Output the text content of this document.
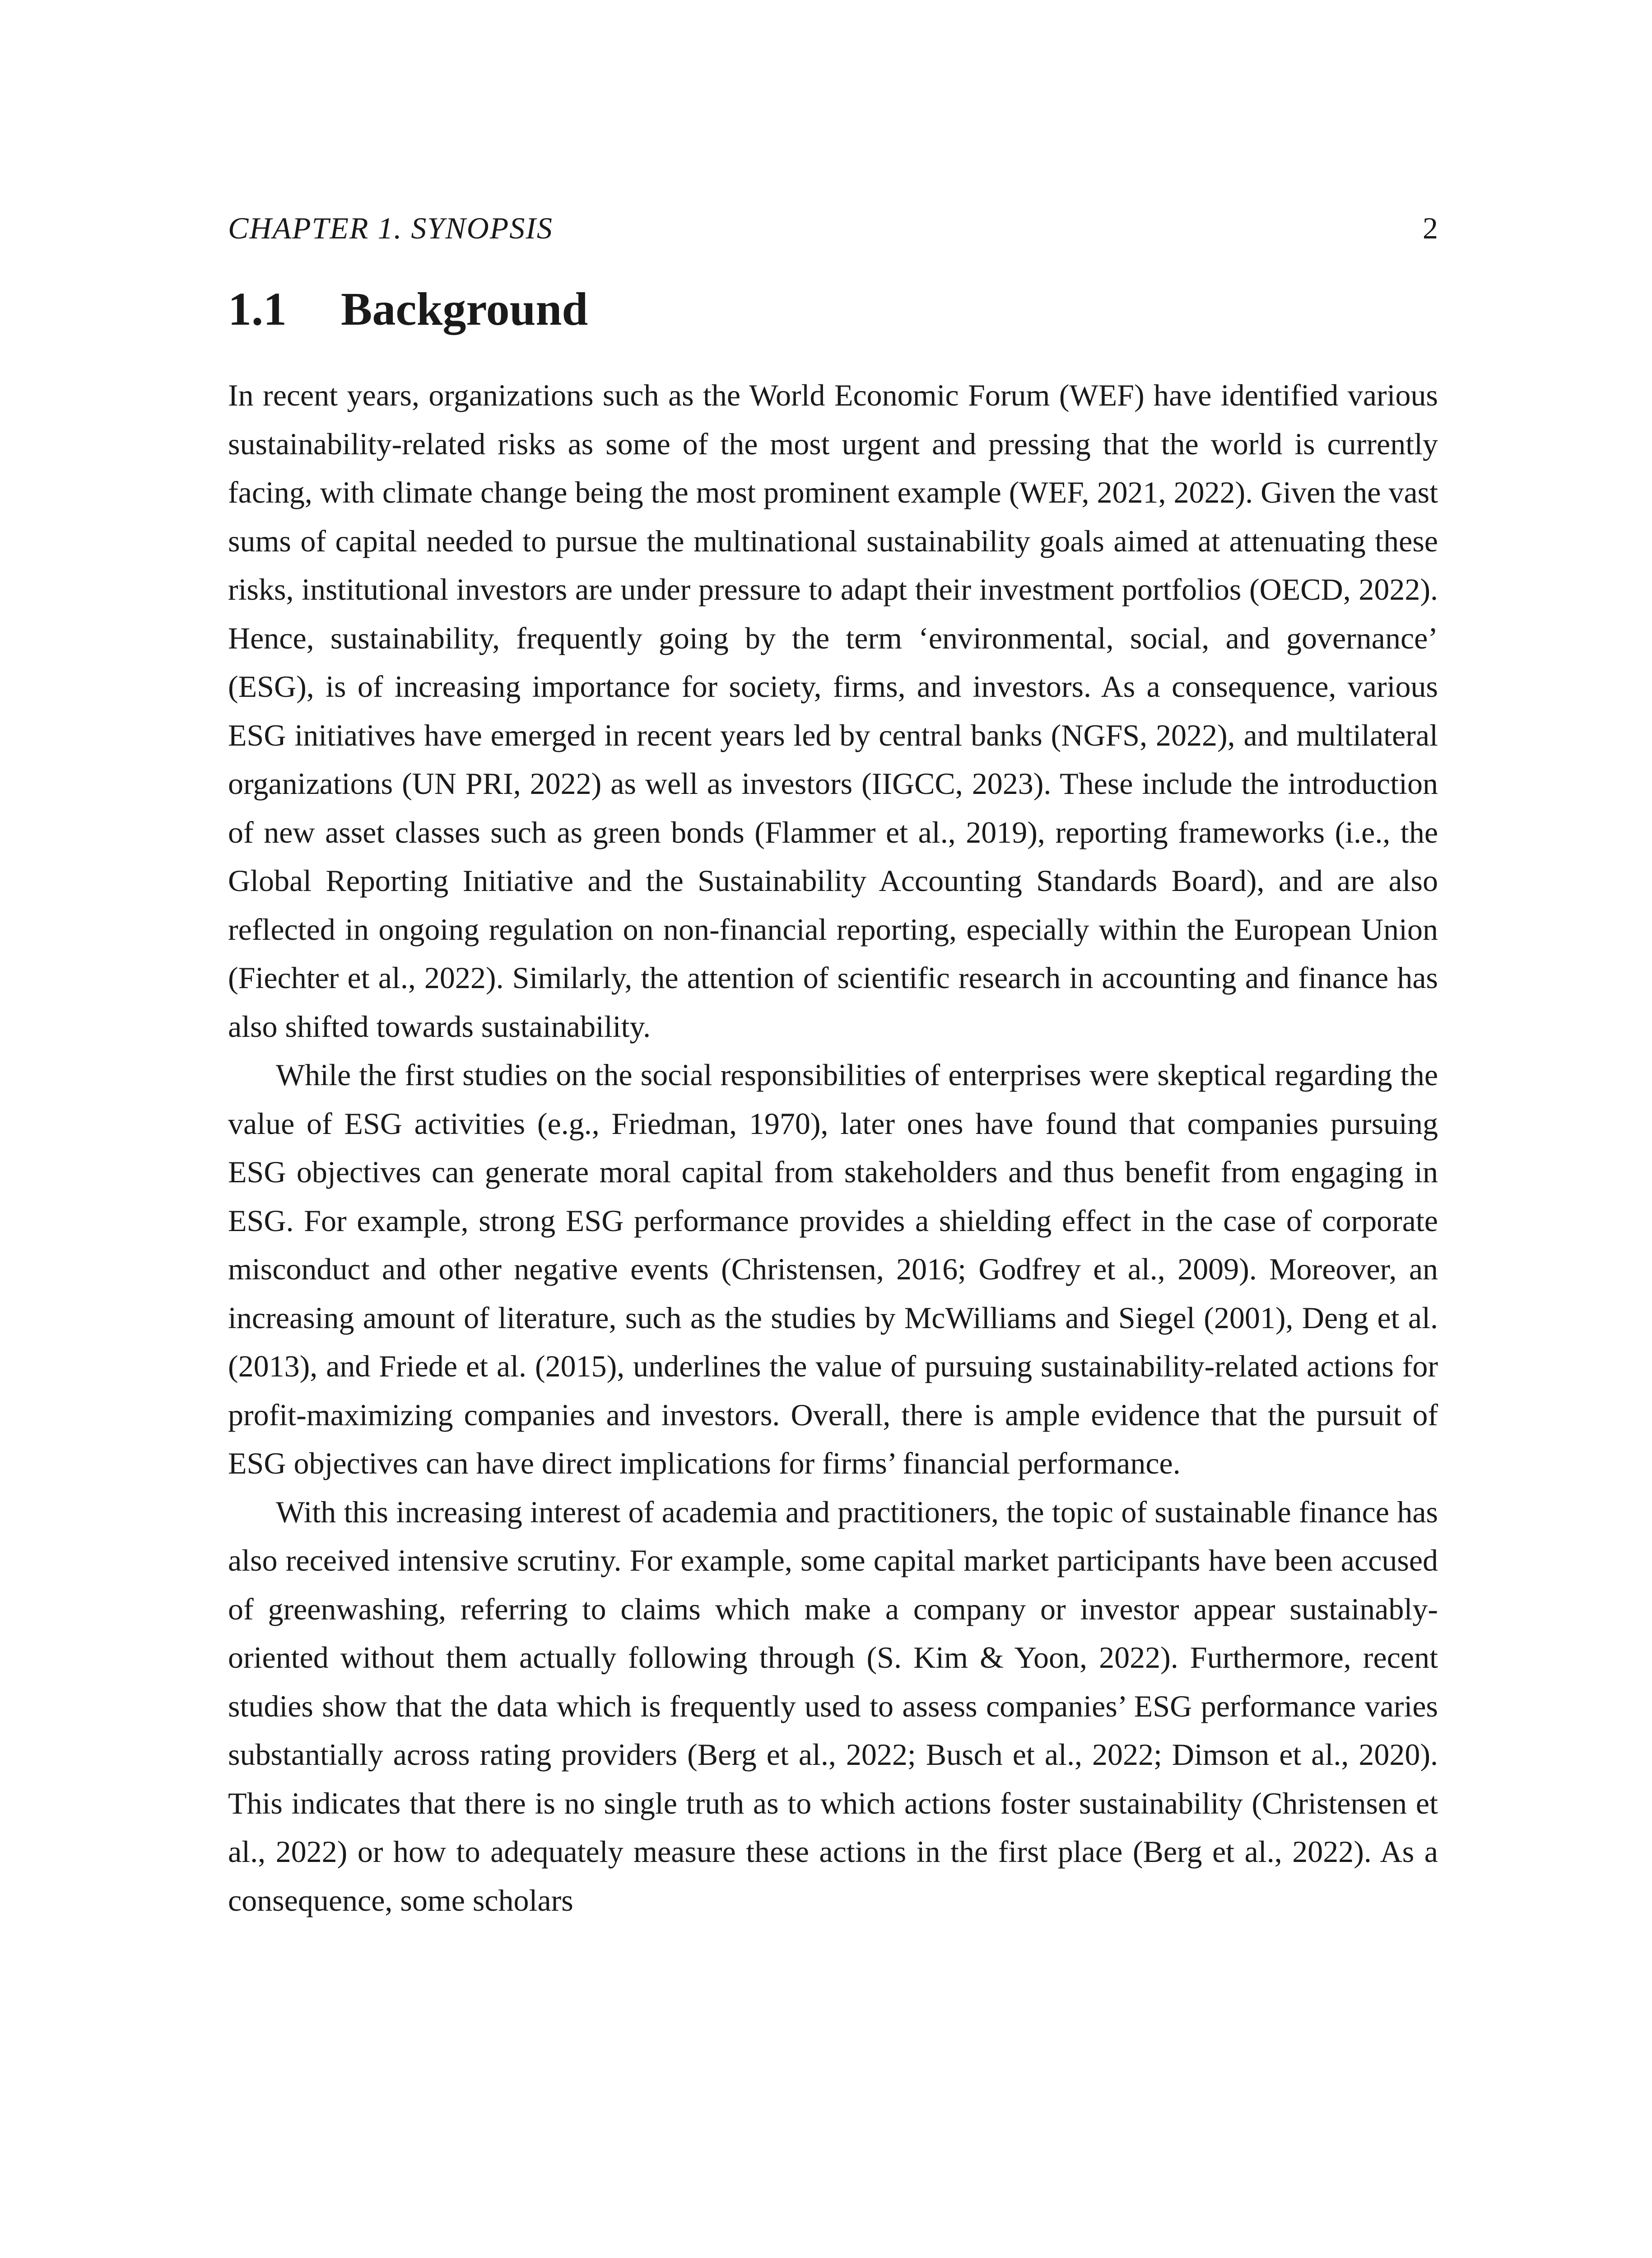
CHAPTER 1. SYNOPSIS	2
1.1 Background

In recent years, organizations such as the World Economic Forum (WEF) have identified various sustainability-related risks as some of the most urgent and pressing that the world is currently facing, with climate change being the most prominent example (WEF, 2021, 2022). Given the vast sums of capital needed to pursue the multinational sustainability goals aimed at attenuating these risks, institutional investors are under pressure to adapt their investment portfolios (OECD, 2022). Hence, sustainability, frequently going by the term ‘environmental, social, and governance’ (ESG), is of increasing importance for society, firms, and investors. As a consequence, various ESG initiatives have emerged in recent years led by central banks (NGFS, 2022), and multilateral organizations (UN PRI, 2022) as well as investors (IIGCC, 2023). These include the introduction of new asset classes such as green bonds (Flammer et al., 2019), reporting frameworks (i.e., the Global Reporting Initiative and the Sustainability Accounting Standards Board), and are also reflected in ongoing regulation on non-financial reporting, especially within the European Union (Fiechter et al., 2022). Similarly, the attention of scientific research in accounting and finance has also shifted towards sustainability.

While the first studies on the social responsibilities of enterprises were skeptical regarding the value of ESG activities (e.g., Friedman, 1970), later ones have found that companies pursuing ESG objectives can generate moral capital from stakeholders and thus benefit from engaging in ESG. For example, strong ESG performance provides a shielding effect in the case of corporate misconduct and other negative events (Christensen, 2016; Godfrey et al., 2009). Moreover, an increasing amount of literature, such as the studies by McWilliams and Siegel (2001), Deng et al. (2013), and Friede et al. (2015), underlines the value of pursuing sustainability-related actions for profit-maximizing companies and investors. Overall, there is ample evidence that the pursuit of ESG objectives can have direct implications for firms’ financial performance.

With this increasing interest of academia and practitioners, the topic of sustainable finance has also received intensive scrutiny. For example, some capital market participants have been accused of greenwashing, referring to claims which make a company or investor appear sustainably-oriented without them actually following through (S. Kim & Yoon, 2022). Furthermore, recent studies show that the data which is frequently used to assess companies’ ESG performance varies substantially across rating providers (Berg et al., 2022; Busch et al., 2022; Dimson et al., 2020). This indicates that there is no single truth as to which actions foster sustainability (Christensen et al., 2022) or how to adequately measure these actions in the first place (Berg et al., 2022). As a consequence, some scholars
